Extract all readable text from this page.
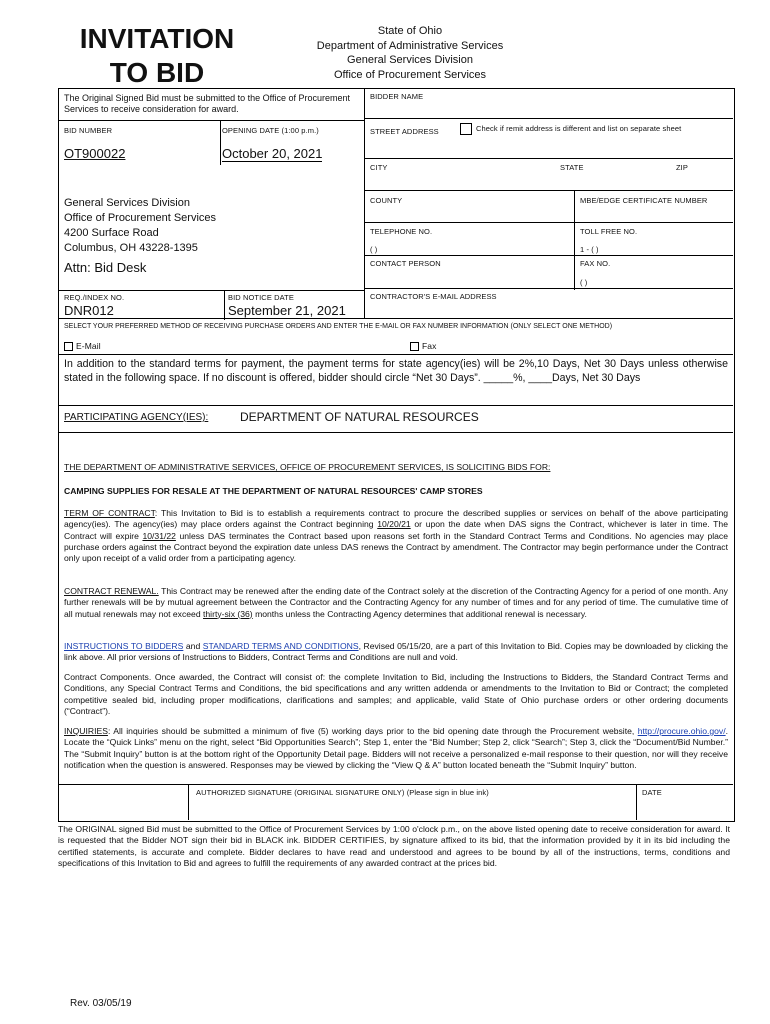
INVITATION
TO BID
State of Ohio
Department of Administrative Services
General Services Division
Office of Procurement Services
The Original Signed Bid must be submitted to the Office of Procurement Services to receive consideration for award.
BID NUMBER	OPENING DATE (1:00 p.m.)
OT900022	October 20, 2021
General Services Division
Office of Procurement Services
4200 Surface Road
Columbus, OH 43228-1395
Attn: Bid Desk
REQ./INDEX NO.
DNR012
BID NOTICE DATE
September 21, 2021
BIDDER NAME
STREET ADDRESS	Check if remit address is different and list on separate sheet
CITY	STATE	ZIP
COUNTY	MBE/EDGE CERTIFICATE NUMBER
TELEPHONE NO.
( )
TOLL FREE NO.
1 - ( )
CONTACT PERSON	FAX NO.
( )
CONTRACTOR'S E-MAIL ADDRESS
SELECT YOUR PREFERRED METHOD OF RECEIVING PURCHASE ORDERS AND ENTER THE E-MAIL OR FAX NUMBER INFORMATION (ONLY SELECT ONE METHOD)
E-Mail	Fax
In addition to the standard terms for payment, the payment terms for state agency(ies) will be 2%,10 Days, Net 30 Days unless otherwise stated in the following space. If no discount is offered, bidder should circle “Net 30 Days”. _____%, ____Days, Net 30 Days
PARTICIPATING AGENCY(IES):	DEPARTMENT OF NATURAL RESOURCES
THE DEPARTMENT OF ADMINISTRATIVE SERVICES, OFFICE OF PROCUREMENT SERVICES, IS SOLICITING BIDS FOR:
CAMPING SUPPLIES FOR RESALE AT THE DEPARTMENT OF NATURAL RESOURCES' CAMP STORES
TERM OF CONTRACT: This Invitation to Bid is to establish a requirements contract to procure the described supplies or services on behalf of the above participating agency(ies). The agency(ies) may place orders against the Contract beginning 10/20/21 or upon the date when DAS signs the Contract, whichever is later in time. The Contract will expire 10/31/22 unless DAS terminates the Contract based upon reasons set forth in the Standard Contract Terms and Conditions. No agencies may place purchase orders against the Contract beyond the expiration date unless DAS renews the Contract by amendment. The Contractor may begin performance under the Contract only upon receipt of a valid order from a participating agency.
CONTRACT RENEWAL. This Contract may be renewed after the ending date of the Contract solely at the discretion of the Contracting Agency for a period of one month. Any further renewals will be by mutual agreement between the Contractor and the Contracting Agency for any number of times and for any period of time. The cumulative time of all mutual renewals may not exceed thirty-six (36) months unless the Contracting Agency determines that additional renewal is necessary.
INSTRUCTIONS TO BIDDERS and STANDARD TERMS AND CONDITIONS, Revised 05/15/20, are a part of this Invitation to Bid. Copies may be downloaded by clicking the link above. All prior versions of Instructions to Bidders, Contract Terms and Conditions are null and void.
Contract Components. Once awarded, the Contract will consist of: the complete Invitation to Bid, including the Instructions to Bidders, the Standard Contract Terms and Conditions, any Special Contract Terms and Conditions, the bid specifications and any written addenda or amendments to the Invitation to Bid or Contract; the completed competitive sealed bid, including proper modifications, clarifications and samples; and applicable, valid State of Ohio purchase orders or other ordering documents (“Contract”).
INQUIRIES: All inquiries should be submitted a minimum of five (5) working days prior to the bid opening date through the Procurement website, http://procure.ohio.gov/. Locate the “Quick Links” menu on the right, select “Bid Opportunities Search”; Step 1, enter the “Bid Number; Step 2, click “Search”; Step 3, click the “Document/Bid Number.” The “Submit Inquiry” button is at the bottom right of the Opportunity Detail page. Bidders will not receive a personalized e-mail response to their question, nor will they receive notification when the question is answered. Responses may be viewed by clicking the “View Q & A” button located beneath the “Submit Inquiry” button.
AUTHORIZED SIGNATURE (ORIGINAL SIGNATURE ONLY) (Please sign in blue ink)	DATE
The ORIGINAL signed Bid must be submitted to the Office of Procurement Services by 1:00 o'clock p.m., on the above listed opening date to receive consideration for award. It is requested that the Bidder NOT sign their bid in BLACK ink. BIDDER CERTIFIES, by signature affixed to its bid, that the information provided by it in its bid including the certified statements, is accurate and complete. Bidder declares to have read and understood and agrees to be bound by all of the instructions, terms, conditions and specifications of this Invitation to Bid and agrees to fulfill the requirements of any awarded contract at the prices bid.
Rev. 03/05/19
